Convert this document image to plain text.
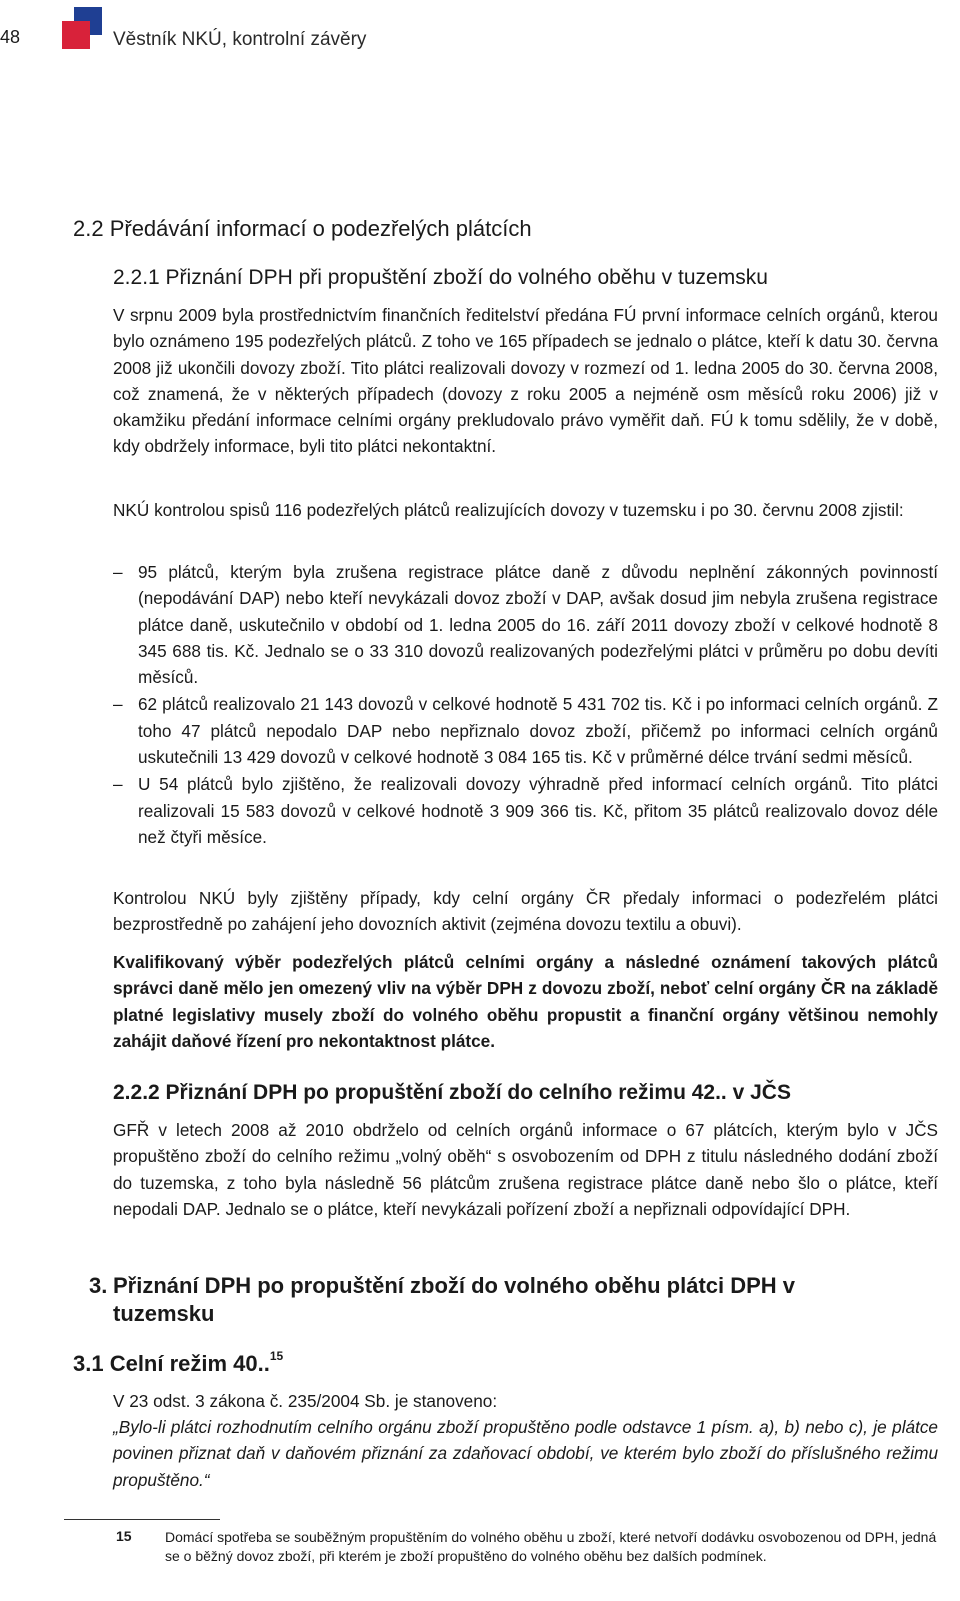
48	Věstník NKÚ, kontrolní závěry
2.2 Předávání informací o podezřelých plátcích
2.2.1 Přiznání DPH při propuštění zboží do volného oběhu v tuzemsku
V srpnu 2009 byla prostřednictvím finančních ředitelství předána FÚ první informace celních orgánů, kterou bylo oznámeno 195 podezřelých plátců. Z toho ve 165 případech se jednalo o plátce, kteří k datu 30. června 2008 již ukončili dovozy zboží. Tito plátci realizovali dovozy v rozmezí od 1. ledna 2005 do 30. června 2008, což znamená, že v některých případech (dovozy z roku 2005 a nejméně osm měsíců roku 2006) již v okamžiku předání informace celními orgány prekludovalo právo vyměřit daň. FÚ k tomu sdělily, že v době, kdy obdržely informace, byli tito plátci nekontaktní.
NKÚ kontrolou spisů 116 podezřelých plátců realizujících dovozy v tuzemsku i po 30. červnu 2008 zjistil:
– 95 plátců, kterým byla zrušena registrace plátce daně z důvodu neplnění zákonných povinností (nepodávání DAP) nebo kteří nevykázali dovoz zboží v DAP, avšak dosud jim nebyla zrušena registrace plátce daně, uskutečnilo v období od 1. ledna 2005 do 16. září 2011 dovozy zboží v celkové hodnotě 8 345 688 tis. Kč. Jednalo se o 33 310 dovozů realizovaných podezřelými plátci v průměru po dobu devíti měsíců.
– 62 plátců realizovalo 21 143 dovozů v celkové hodnotě 5 431 702 tis. Kč i po informaci celních orgánů. Z toho 47 plátců nepodalo DAP nebo nepřiznalo dovoz zboží, přičemž po informaci celních orgánů uskutečnili 13 429 dovozů v celkové hodnotě 3 084 165 tis. Kč v průměrné délce trvání sedmi měsíců.
– U 54 plátců bylo zjištěno, že realizovali dovozy výhradně před informací celních orgánů. Tito plátci realizovali 15 583 dovozů v celkové hodnotě 3 909 366 tis. Kč, přitom 35 plátců realizovalo dovoz déle než čtyři měsíce.
Kontrolou NKÚ byly zjištěny případy, kdy celní orgány ČR předaly informaci o podezřelém plátci bezprostředně po zahájení jeho dovozních aktivit (zejména dovozu textilu a obuvi).
Kvalifikovaný výběr podezřelých plátců celními orgány a následné oznámení takových plátců správci daně mělo jen omezený vliv na výběr DPH z dovozu zboží, neboť celní orgány ČR na základě platné legislativy musely zboží do volného oběhu propustit a finanční orgány většinou nemohly zahájit daňové řízení pro nekontaktnost plátce.
2.2.2 Přiznání DPH po propuštění zboží do celního režimu 42.. v JČS
GFŘ v letech 2008 až 2010 obdrželo od celních orgánů informace o 67 plátcích, kterým bylo v JČS propuštěno zboží do celního režimu „volný oběh“ s osvobozením od DPH z titulu následného dodání zboží do tuzemska, z toho byla následně 56 plátcům zrušena registrace plátce daně nebo šlo o plátce, kteří nepodali DAP. Jednalo se o plátce, kteří nevykázali pořízení zboží a nepřiznali odpovídající DPH.
3. Přiznání DPH po propuštění zboží do volného oběhu plátci DPH v tuzemsku
3.1 Celní režim 40..$^{15}$
V 23 odst. 3 zákona č. 235/2004 Sb. je stanoveno:
„Bylo-li plátci rozhodnutím celního orgánu zboží propuštěno podle odstavce 1 písm. a), b) nebo c), je plátce povinen přiznat daň v daňovém přiznání za zdaňovací období, ve kterém bylo zboží do příslušného režimu propuštěno.“
15 Domácí spotřeba se souběžným propuštěním do volného oběhu u zboží, které netvoří dodávku osvobozenou od DPH, jedná se o běžný dovoz zboží, při kterém je zboží propuštěno do volného oběhu bez dalších podmínek.
